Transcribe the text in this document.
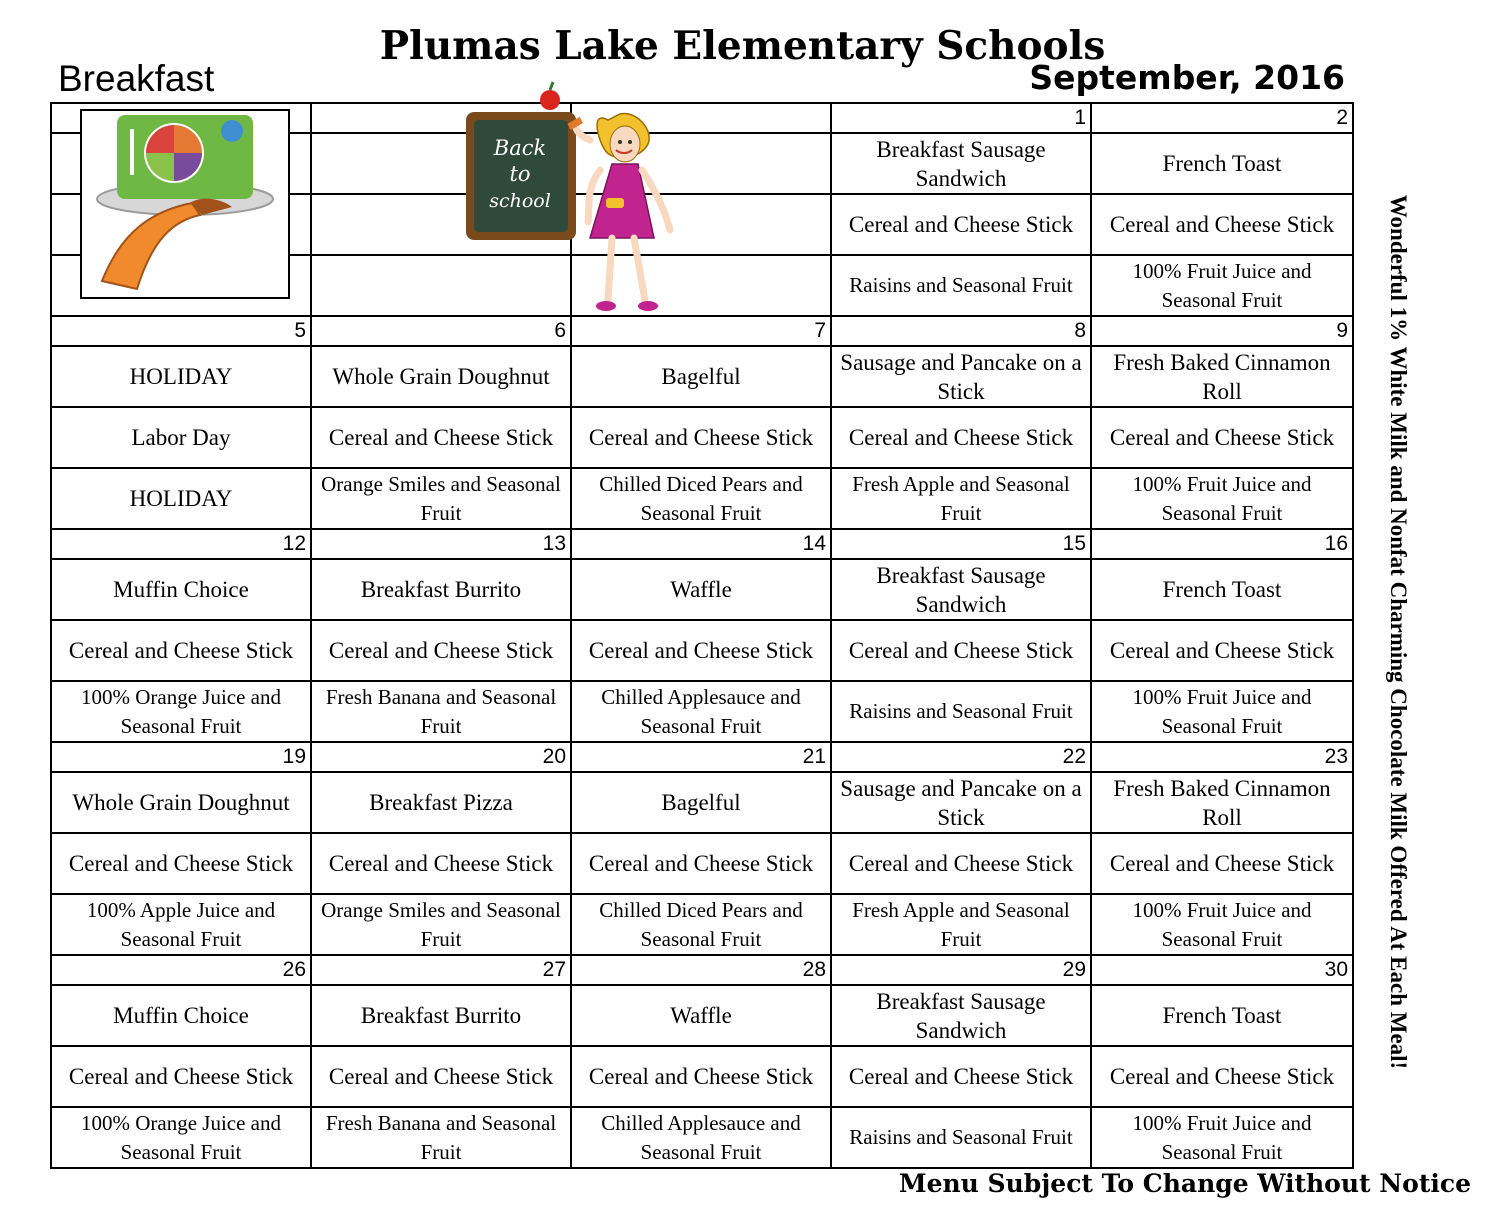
Plumas Lake Elementary Schools
Breakfast	September, 2016
			1	2
			Breakfast Sausage Sandwich	French Toast
			Cereal and Cheese Stick	Cereal and Cheese Stick
			Raisins and Seasonal Fruit	100% Fruit Juice and Seasonal Fruit
5	6	7	8	9
HOLIDAY	Whole Grain Doughnut	Bagelful	Sausage and Pancake on a Stick	Fresh Baked Cinnamon Roll
Labor Day	Cereal and Cheese Stick	Cereal and Cheese Stick	Cereal and Cheese Stick	Cereal and Cheese Stick
HOLIDAY	Orange Smiles and Seasonal Fruit	Chilled Diced Pears and Seasonal Fruit	Fresh Apple and Seasonal Fruit	100% Fruit Juice and Seasonal Fruit
12	13	14	15	16
Muffin Choice	Breakfast Burrito	Waffle	Breakfast Sausage Sandwich	French Toast
Cereal and Cheese Stick	Cereal and Cheese Stick	Cereal and Cheese Stick	Cereal and Cheese Stick	Cereal and Cheese Stick
100% Orange Juice and Seasonal Fruit	Fresh Banana and Seasonal Fruit	Chilled Applesauce and Seasonal Fruit	Raisins and Seasonal Fruit	100% Fruit Juice and Seasonal Fruit
19	20	21	22	23
Whole Grain Doughnut	Breakfast Pizza	Bagelful	Sausage and Pancake on a Stick	Fresh Baked Cinnamon Roll
Cereal and Cheese Stick	Cereal and Cheese Stick	Cereal and Cheese Stick	Cereal and Cheese Stick	Cereal and Cheese Stick
100% Apple Juice and Seasonal Fruit	Orange Smiles and Seasonal Fruit	Chilled Diced Pears and Seasonal Fruit	Fresh Apple and Seasonal Fruit	100% Fruit Juice and Seasonal Fruit
26	27	28	29	30
Muffin Choice	Breakfast Burrito	Waffle	Breakfast Sausage Sandwich	French Toast
Cereal and Cheese Stick	Cereal and Cheese Stick	Cereal and Cheese Stick	Cereal and Cheese Stick	Cereal and Cheese Stick
100% Orange Juice and Seasonal Fruit	Fresh Banana and Seasonal Fruit	Chilled Applesauce and Seasonal Fruit	Raisins and Seasonal Fruit	100% Fruit Juice and Seasonal Fruit
Back
to
school	Wonderful 1% White Milk and Nonfat Charming Chocolate Milk Offered At Each Meal!
Menu Subject To Change Without Notice
